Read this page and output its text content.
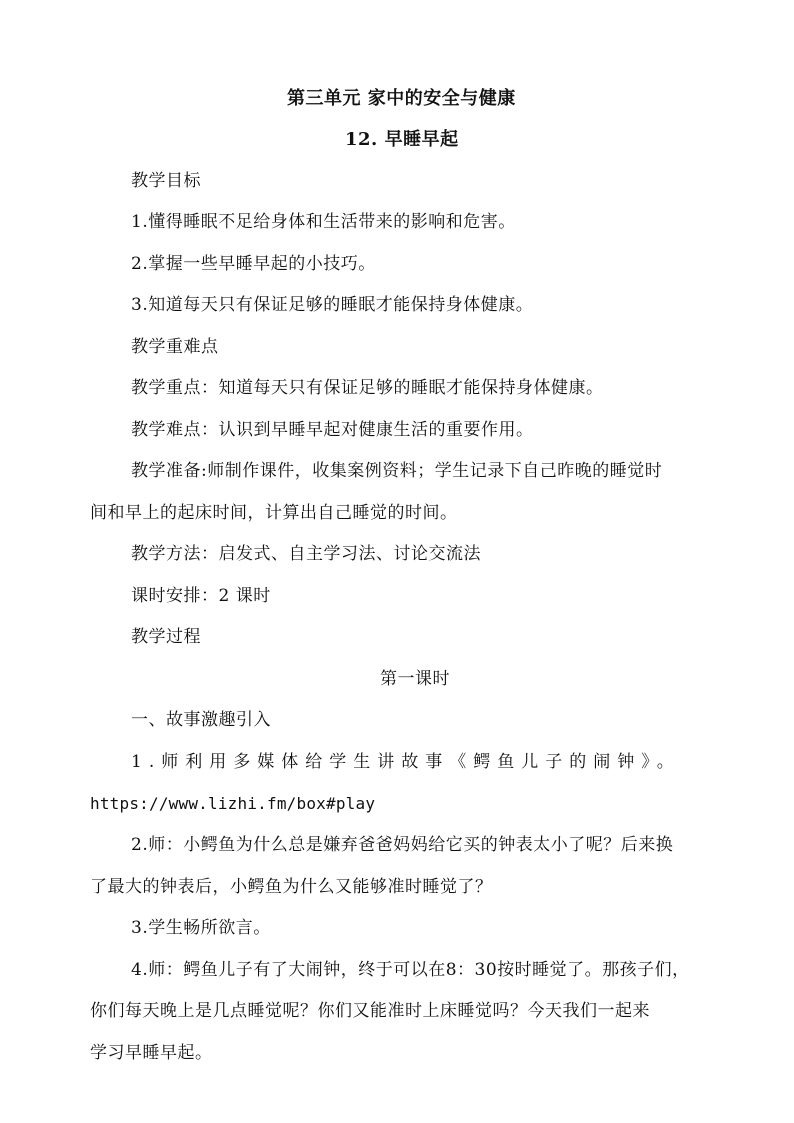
第三单元 家中的安全与健康
12. 早睡早起
教学目标
1.懂得睡眠不足给身体和生活带来的影响和危害。
2.掌握一些早睡早起的小技巧。
3.知道每天只有保证足够的睡眠才能保持身体健康。
教学重难点
教学重点：知道每天只有保证足够的睡眠才能保持身体健康。
教学难点：认识到早睡早起对健康生活的重要作用。
教学准备:师制作课件，收集案例资料；学生记录下自己昨晚的睡觉时
间和早上的起床时间，计算出自己睡觉的时间。
教学方法：启发式、自主学习法、讨论交流法
课时安排：2 课时
教学过程
第一课时
一、故事激趣引入
1.师利用多媒体给学生讲故事《鳄鱼儿子的闹钟》。
https://www.lizhi.fm/box#play
2.师：小鳄鱼为什么总是嫌弃爸爸妈妈给它买的钟表太小了呢？后来换
了最大的钟表后，小鳄鱼为什么又能够准时睡觉了？
3.学生畅所欲言。
4.师：鳄鱼儿子有了大闹钟，终于可以在8：30按时睡觉了。那孩子们，
你们每天晚上是几点睡觉呢？你们又能准时上床睡觉吗？今天我们一起来
学习早睡早起。
